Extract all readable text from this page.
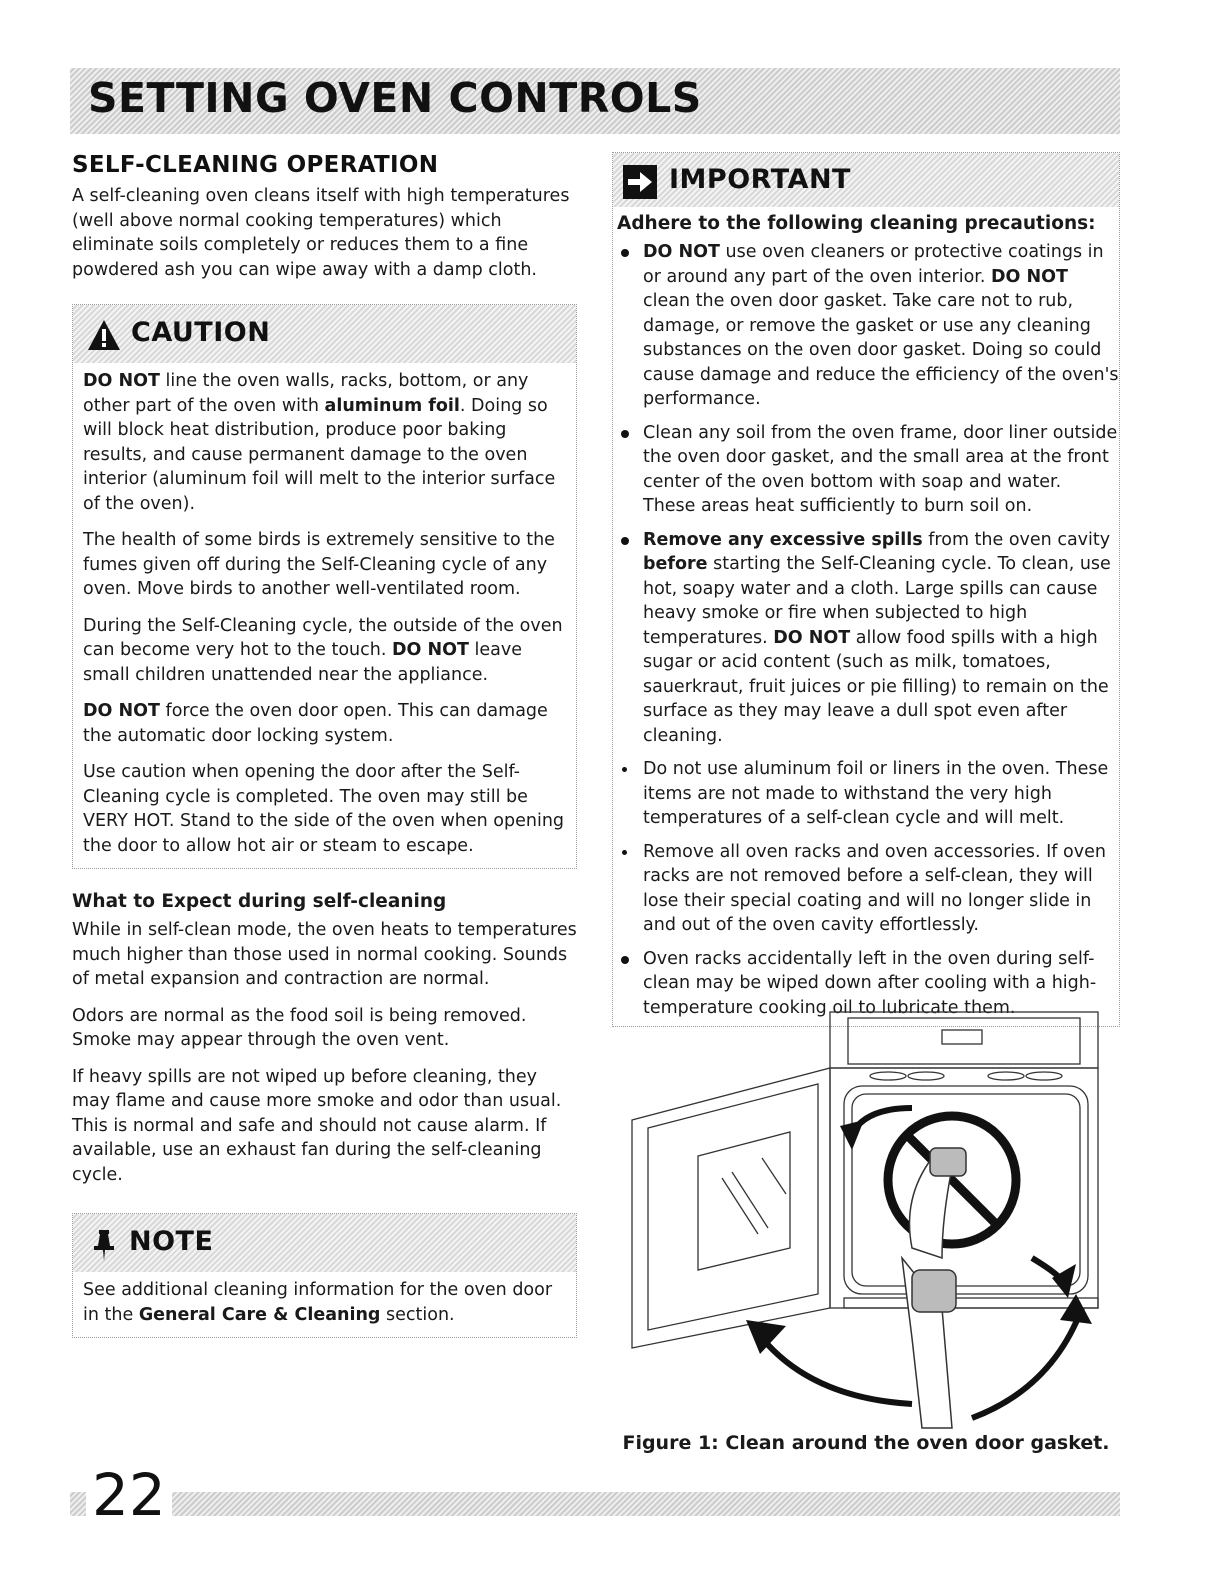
SETTING OVEN CONTROLS
SELF-CLEANING OPERATION

A self-cleaning oven cleans itself with high temperatures (well above normal cooking temperatures) which eliminate soils completely or reduces them to a fine powdered ash you can wipe away with a damp cloth.

CAUTION

DO NOT line the oven walls, racks, bottom, or any other part of the oven with aluminum foil. Doing so will block heat distribution, produce poor baking results, and cause permanent damage to the oven interior (aluminum foil will melt to the interior surface of the oven).

The health of some birds is extremely sensitive to the fumes given off during the Self-Cleaning cycle of any oven. Move birds to another well-ventilated room.

During the Self-Cleaning cycle, the outside of the oven can become very hot to the touch. DO NOT leave small children unattended near the appliance.

DO NOT force the oven door open. This can damage the automatic door locking system.

Use caution when opening the door after the Self-Cleaning cycle is completed. The oven may still be VERY HOT. Stand to the side of the oven when opening the door to allow hot air or steam to escape.

What to Expect during self-cleaning

While in self-clean mode, the oven heats to temperatures much higher than those used in normal cooking. Sounds of metal expansion and contraction are normal.

Odors are normal as the food soil is being removed. Smoke may appear through the oven vent.

If heavy spills are not wiped up before cleaning, they may flame and cause more smoke and odor than usual. This is normal and safe and should not cause alarm. If available, use an exhaust fan during the self-cleaning cycle.

NOTE

See additional cleaning information for the oven door in the General Care & Cleaning section.

IMPORTANT
Adhere to the following cleaning precautions:
DO NOT use oven cleaners or protective coatings in or around any part of the oven interior. DO NOT clean the oven door gasket. Take care not to rub, damage, or remove the gasket or use any cleaning substances on the oven door gasket. Doing so could cause damage and reduce the efficiency of the oven's performance.
Clean any soil from the oven frame, door liner outside the oven door gasket, and the small area at the front center of the oven bottom with soap and water. These areas heat sufficiently to burn soil on.
Remove any excessive spills from the oven cavity before starting the Self-Cleaning cycle. To clean, use hot, soapy water and a cloth. Large spills can cause heavy smoke or fire when subjected to high temperatures. DO NOT allow food spills with a high sugar or acid content (such as milk, tomatoes, sauerkraut, fruit juices or pie filling) to remain on the surface as they may leave a dull spot even after cleaning.
Do not use aluminum foil or liners in the oven. These items are not made to withstand the very high temperatures of a self-clean cycle and will melt.
Remove all oven racks and oven accessories. If oven racks are not removed before a self-clean, they will lose their special coating and will no longer slide in and out of the oven cavity effortlessly.
Oven racks accidentally left in the oven during self-clean may be wiped down after cooling with a high-temperature cooking oil to lubricate them.
Figure 1: Clean around the oven door gasket.
22
